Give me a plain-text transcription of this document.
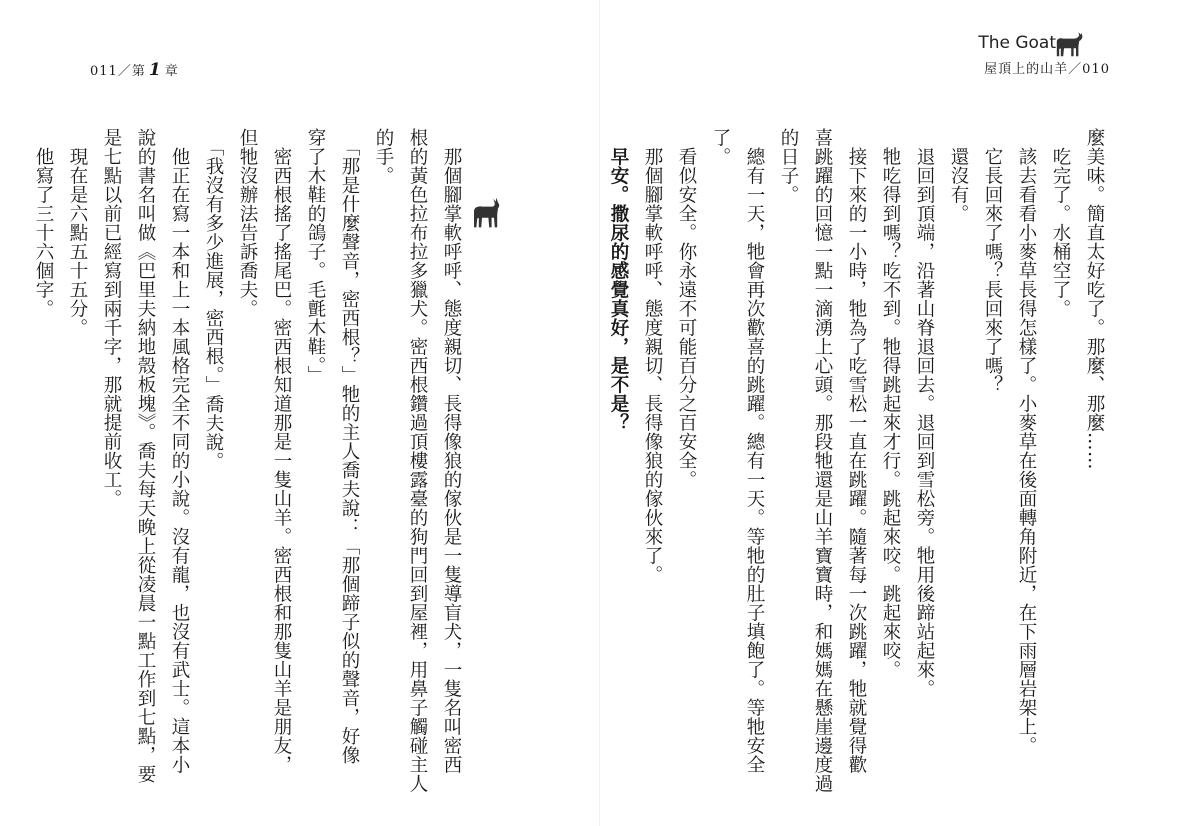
011／第 1 章
The Goat
屋頂上的山羊／010
麼美味。簡直太好吃了。那麼、那麼……
　吃完了。水桶空了。
　該去看看小麥草長得怎樣了。小麥草在後面轉角附近，在下雨層岩架上。
　它長回來了嗎？長回來了嗎？
　還沒有。
　退回到頂端，沿著山脊退回去。退回到雪松旁。牠用後蹄站起來。
　牠吃得到嗎？吃不到。牠得跳起來才行。跳起來咬。跳起來咬。
　接下來的一小時，牠為了吃雪松一直在跳躍。隨著每一次跳躍，牠就覺得歡
喜跳躍的回憶一點一滴湧上心頭。那段牠還是山羊寶寶時，和媽媽在懸崖邊度過
的日子。
　總有一天，牠會再次歡喜的跳躍。總有一天。等牠的肚子填飽了。等牠安全
了。
　看似安全。你永遠不可能百分之百安全。
　那個腳掌軟呼呼、態度親切、長得像狼的傢伙來了。
　早安。撒尿的感覺真好，是不是？
　那個腳掌軟呼呼、態度親切、長得像狼的傢伙是一隻導盲犬，一隻名叫密西
根的黃色拉布拉多獵犬。密西根鑽過頂樓露臺的狗門回到屋裡，用鼻子觸碰主人
的手。
　「那是什麼聲音，密西根？」牠的主人喬夫說：「那個蹄子似的聲音，好像
穿了木鞋的鴿子。毛氈木鞋。」
　密西根搖了搖尾巴。密西根知道那是一隻山羊。密西根和那隻山羊是朋友，
但牠沒辦法告訴喬夫。
　「我沒有多少進展，密西根。」喬夫說。
　他正在寫一本和上一本風格完全不同的小說。沒有龍，也沒有武士。這本小
說的書名叫做《巴里夫納地殼板塊》。喬夫每天晚上從凌晨一點工作到七點，要
是七點以前已經寫到兩千字，那就提前收工。
　現在是六點五十五分。
　他寫了三十六個字。
